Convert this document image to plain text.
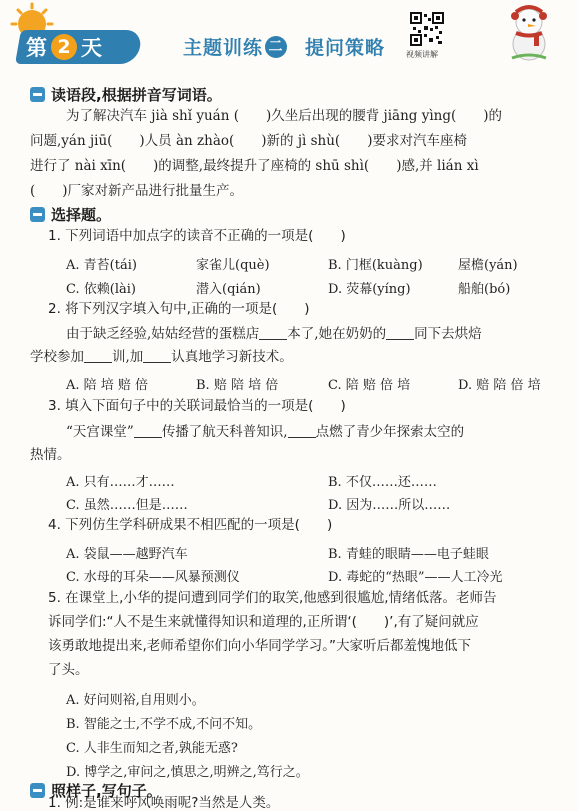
第 2 天	主题训练 二 提问策略	视频讲解
读语段,根据拼音写词语。
为了解决汽车 jià shǐ yuán (　　)久坐后出现的腰背 jiāng yìng(　　)的
问题,yán jiū(　　)人员 àn zhào(　　)新的 jì shù(　　)要求对汽车座椅
进行了 nài xīn(　　)的调整,最终提升了座椅的 shū shì(　　)感,并 lián xì
(　　)厂家对新产品进行批量生产。
选择题。
1. 下列词语中加点字的读音不正确的一项是(　　)
A. 青苔(tái)	家雀儿(què)	B. 门框(kuàng)	屋檐(yán)
C. 依赖(lài)	潜入(qián)	D. 荧幕(yíng)	船舶(bó)
2. 将下列汉字填入句中,正确的一项是(　　)
由于缺乏经验,姑姑经营的蛋糕店 本了,她在奶奶的 同下去烘焙
学校参加 训,加 认真地学习新技术。
A. 陪 培 赔 倍	B. 赔 陪 培 倍	C. 陪 赔 倍 培	D. 赔 陪 倍 培
3. 填入下面句子中的关联词最恰当的一项是(　　)
“天宫课堂” 传播了航天科普知识, 点燃了青少年探索太空的
热情。
A. 只有……才……	B. 不仅……还……
C. 虽然……但是……	D. 因为……所以……
4. 下列仿生学科研成果不相匹配的一项是(　　)
A. 袋鼠——越野汽车	B. 青蛙的眼睛——电子蛙眼
C. 水母的耳朵——风暴预测仪	D. 毒蛇的“热眼”——人工冷光
5. 在课堂上,小华的提问遭到同学们的取笑,他感到很尴尬,情绪低落。老师告
诉同学们:“人不是生来就懂得知识和道理的,正所谓‘(　　)’,有了疑问就应
该勇敢地提出来,老师希望你们向小华同学学习。”大家听后都羞愧地低下
了头。
A. 好问则裕,自用则小。
B. 智能之士,不学不成,不问不知。
C. 人非生而知之者,孰能无惑?
D. 博学之,审问之,慎思之,明辨之,笃行之。
照样子,写句子。
1. 例:是谁来呼风唤雨呢?当然是人类。
